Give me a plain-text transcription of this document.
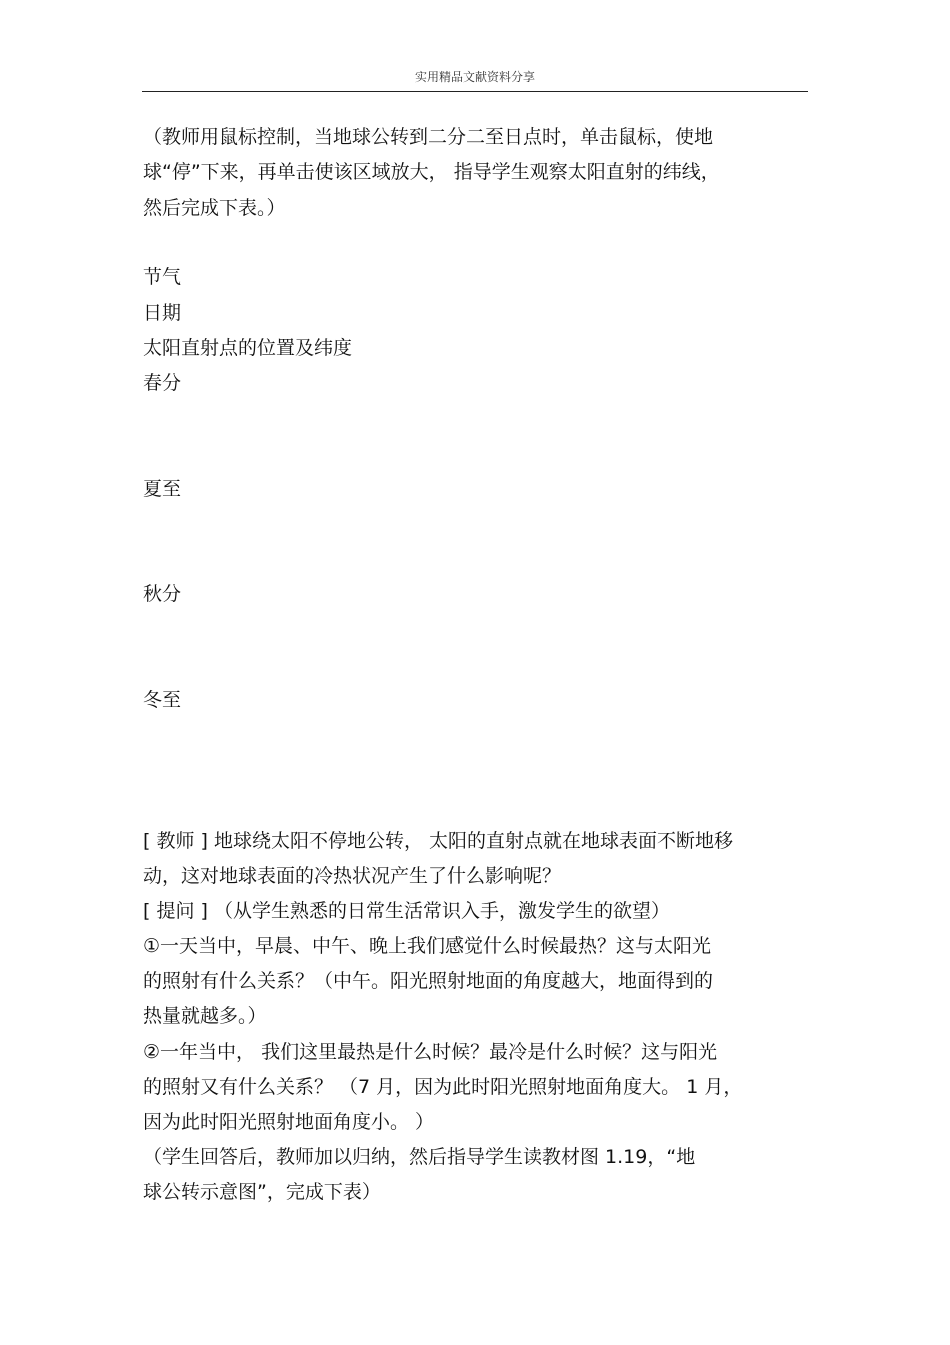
实用精品文献资料分享
（教师用鼠标控制，当地球公转到二分二至日点时，单击鼠标，使地
球“停”下来，再单击使该区域放大， 指导学生观察太阳直射的纬线，
然后完成下表。）
节气
日期
太阳直射点的位置及纬度
春分
夏至
秋分
冬至
[ 教师 ] 地球绕太阳不停地公转， 太阳的直射点就在地球表面不断地移
动，这对地球表面的冷热状况产生了什么影响呢？
[ 提问 ] （从学生熟悉的日常生活常识入手，激发学生的欲望）
①一天当中，早晨、中午、晚上我们感觉什么时候最热？这与太阳光
的照射有什么关系？（中午。阳光照射地面的角度越大，地面得到的
热量就越多。）
②一年当中， 我们这里最热是什么时候？最冷是什么时候？这与阳光
的照射又有什么关系？ （7 月，因为此时阳光照射地面角度大。 1 月，
因为此时阳光照射地面角度小。 ）
（学生回答后，教师加以归纳，然后指导学生读教材图 1.19，“地
球公转示意图”，完成下表）
